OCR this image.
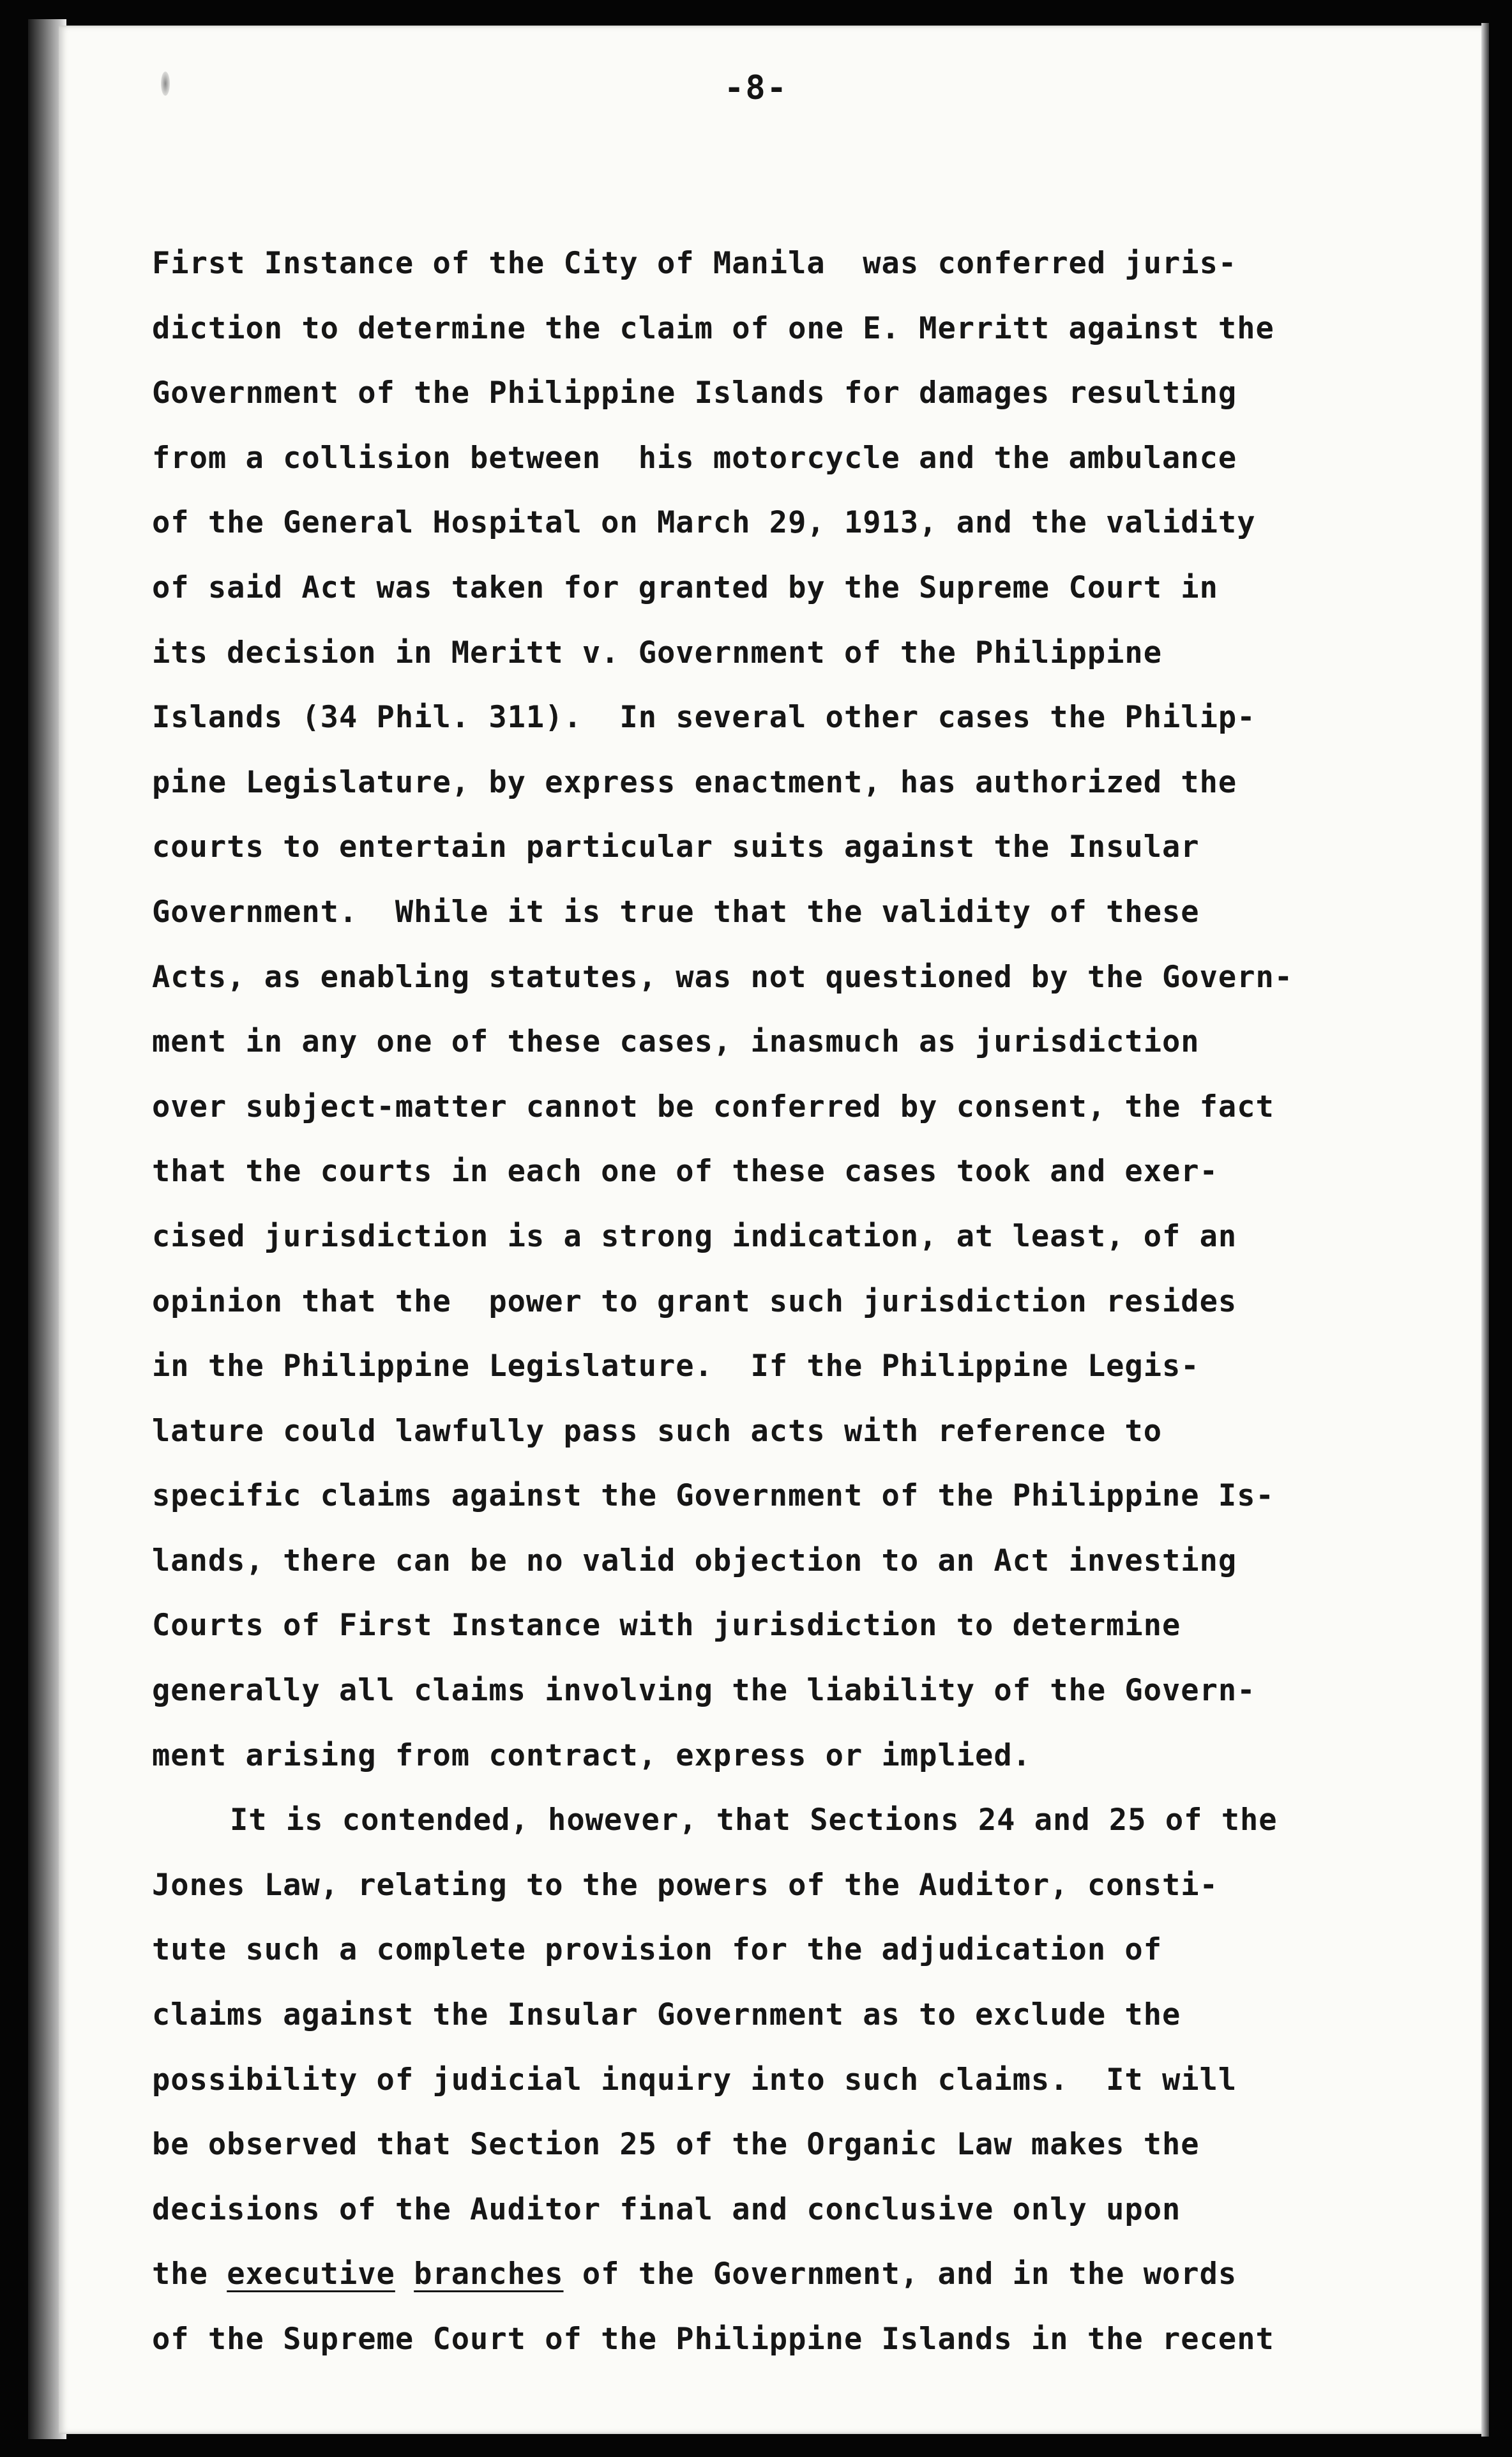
-8-
First Instance of the City of Manila  was conferred juris-
diction to determine the claim of one E. Merritt against the
Government of the Philippine Islands for damages resulting
from a collision between  his motorcycle and the ambulance
of the General Hospital on March 29, 1913, and the validity
of said Act was taken for granted by the Supreme Court in
its decision in Meritt v. Government of the Philippine
Islands (34 Phil. 311).  In several other cases the Philip-
pine Legislature, by express enactment, has authorized the
courts to entertain particular suits against the Insular
Government.  While it is true that the validity of these
Acts, as enabling statutes, was not questioned by the Govern-
ment in any one of these cases, inasmuch as jurisdiction
over subject-matter cannot be conferred by consent, the fact
that the courts in each one of these cases took and exer-
cised jurisdiction is a strong indication, at least, of an
opinion that the  power to grant such jurisdiction resides
in the Philippine Legislature.  If the Philippine Legis-
lature could lawfully pass such acts with reference to
specific claims against the Government of the Philippine Is-
lands, there can be no valid objection to an Act investing
Courts of First Instance with jurisdiction to determine
generally all claims involving the liability of the Govern-
ment arising from contract, express or implied.
It is contended, however, that Sections 24 and 25 of the
Jones Law, relating to the powers of the Auditor, consti-
tute such a complete provision for the adjudication of
claims against the Insular Government as to exclude the
possibility of judicial inquiry into such claims.  It will
be observed that Section 25 of the Organic Law makes the
decisions of the Auditor final and conclusive only upon
the executive branches of the Government, and in the words
of the Supreme Court of the Philippine Islands in the recent
